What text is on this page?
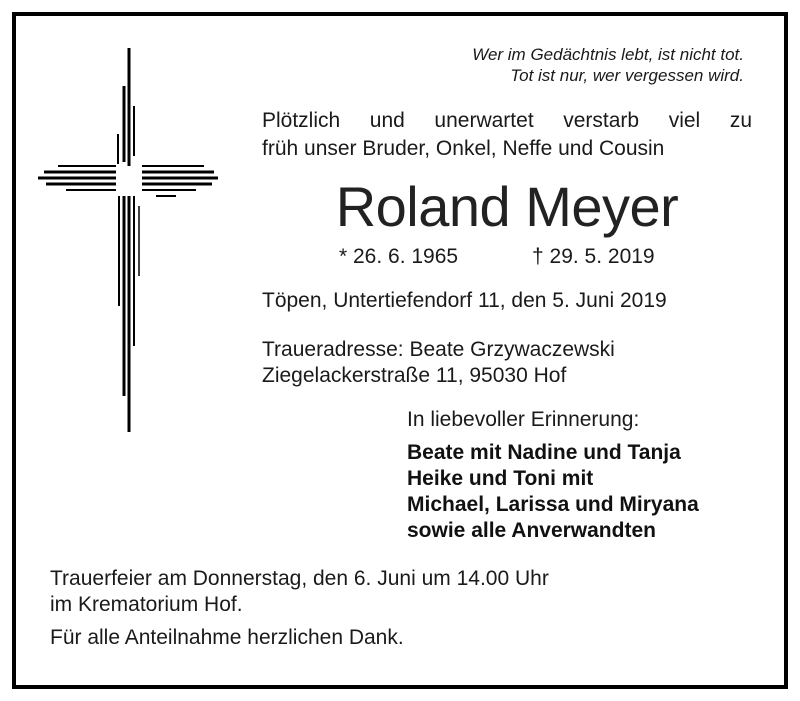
Wer im Gedächtnis lebt, ist nicht tot.
Tot ist nur, wer vergessen wird.
Plötzlich und unerwartet verstarb viel zu
früh unser Bruder, Onkel, Neffe und Cousin
Roland Meyer
* 26. 6. 1965	† 29. 5. 2019
Töpen, Untertiefendorf 11, den 5. Juni 2019
Traueradresse: Beate Grzywaczewski
Ziegelackerstraße 11, 95030 Hof
In liebevoller Erinnerung:
Beate mit Nadine und Tanja
Heike und Toni mit
Michael, Larissa und Miryana
sowie alle Anverwandten
Trauerfeier am Donnerstag, den 6. Juni um 14.00 Uhr
im Krematorium Hof.
Für alle Anteilnahme herzlichen Dank.
